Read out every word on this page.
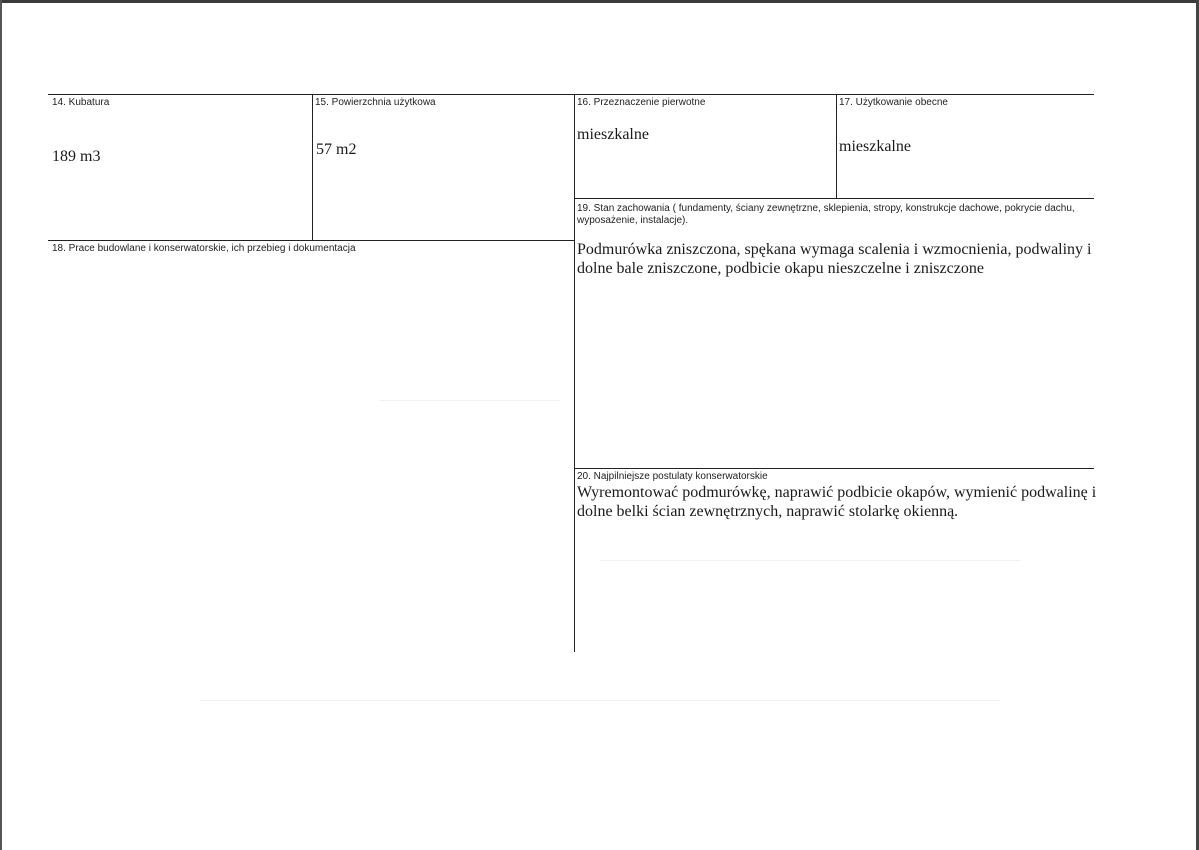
14. Kubatura
189 m3
15. Powierzchnia użytkowa
57 m2
16. Przeznaczenie pierwotne
mieszkalne
17. Użytkowanie obecne
mieszkalne
18. Prace budowlane i konserwatorskie, ich przebieg i dokumentacja
19. Stan zachowania ( fundamenty, ściany zewnętrzne, sklepienia, stropy, konstrukcje dachowe, pokrycie dachu, wyposażenie, instalacje).
Podmurówka zniszczona, spękana wymaga scalenia i wzmocnienia, podwaliny i dolne bale zniszczone, podbicie okapu nieszczelne i zniszczone
20. Najpilniejsze postulaty konserwatorskie
Wyremontować podmurówkę, naprawić podbicie okapów, wymienić podwalinę i dolne belki ścian zewnętrznych, naprawić stolarkę okienną.
